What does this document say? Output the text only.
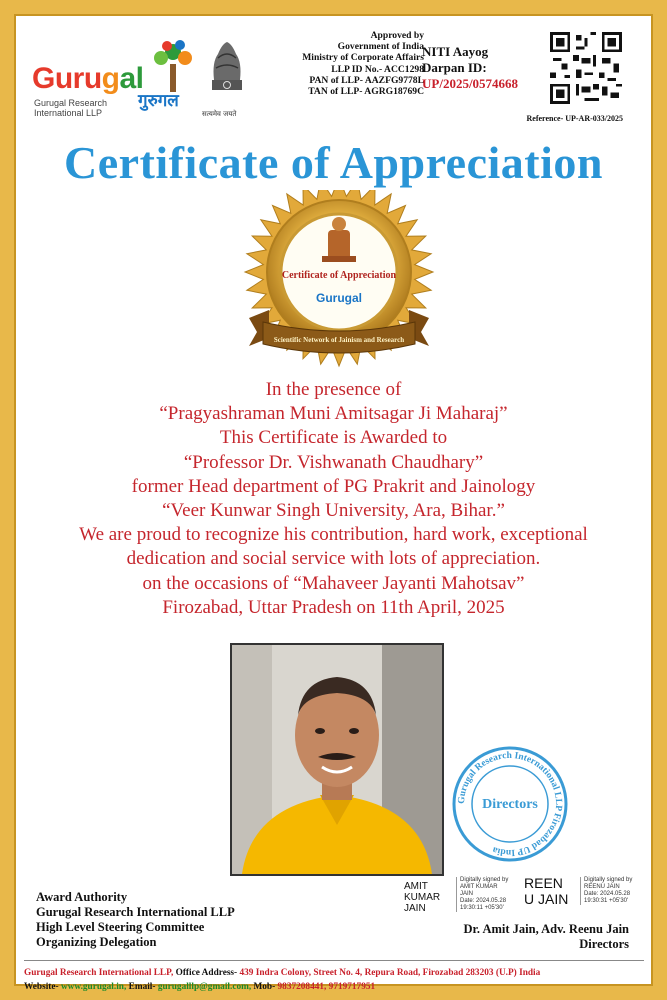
Gurugal
गुरुगल
Gurugal Research
International LLP	सत्यमेव जयते
Approved by
Government of India
Ministry of Corporate Affairs
LLP ID No.- ACC1298
PAN of LLP- AAZFG9778L
TAN of LLP- AGRG18769C
NITI Aayog
Darpan ID:
UP/2025/0574668
Reference- UP-AR-033/2025
Certificate of Appreciation
Certificate of Appreciation
Gurugal
Scientific Network of Jainism and Research
In the presence of
“Pragyashraman Muni Amitsagar Ji Maharaj”
This Certificate is Awarded to
“Professor Dr. Vishwanath Chaudhary”
former Head department of PG Prakrit and Jainology
“Veer Kunwar Singh University, Ara, Bihar.”
We are proud to recognize his contribution, hard work, exceptional
dedication and social service with lots of appreciation.
on the occasions of “Mahaveer Jayanti Mahotsav”
Firozabad, Uttar Pradesh on 11th April, 2025
Gurugal Research International LLP Firozabad UP India
Directors
AMIT
KUMAR
JAIN
Digitally signed by
AMIT KUMAR
JAIN
Date: 2024.05.28
19:30:11 +05'30'
REEN
U JAIN
Digitally signed by
REENU JAIN
Date: 2024.05.28
19:30:31 +05'30'
Award Authority
Gurugal Research International LLP
High Level Steering Committee
Organizing Delegation
Dr. Amit Jain, Adv. Reenu Jain
Directors
Gurugal Research International LLP, Office Address- 439 Indra Colony, Street No. 4, Repura Road, Firozabad 283203 (U.P) India
Website- www.gurugal.in, Email- gurugalllp@gmail.com, Mob- 9837208441, 9719717951
